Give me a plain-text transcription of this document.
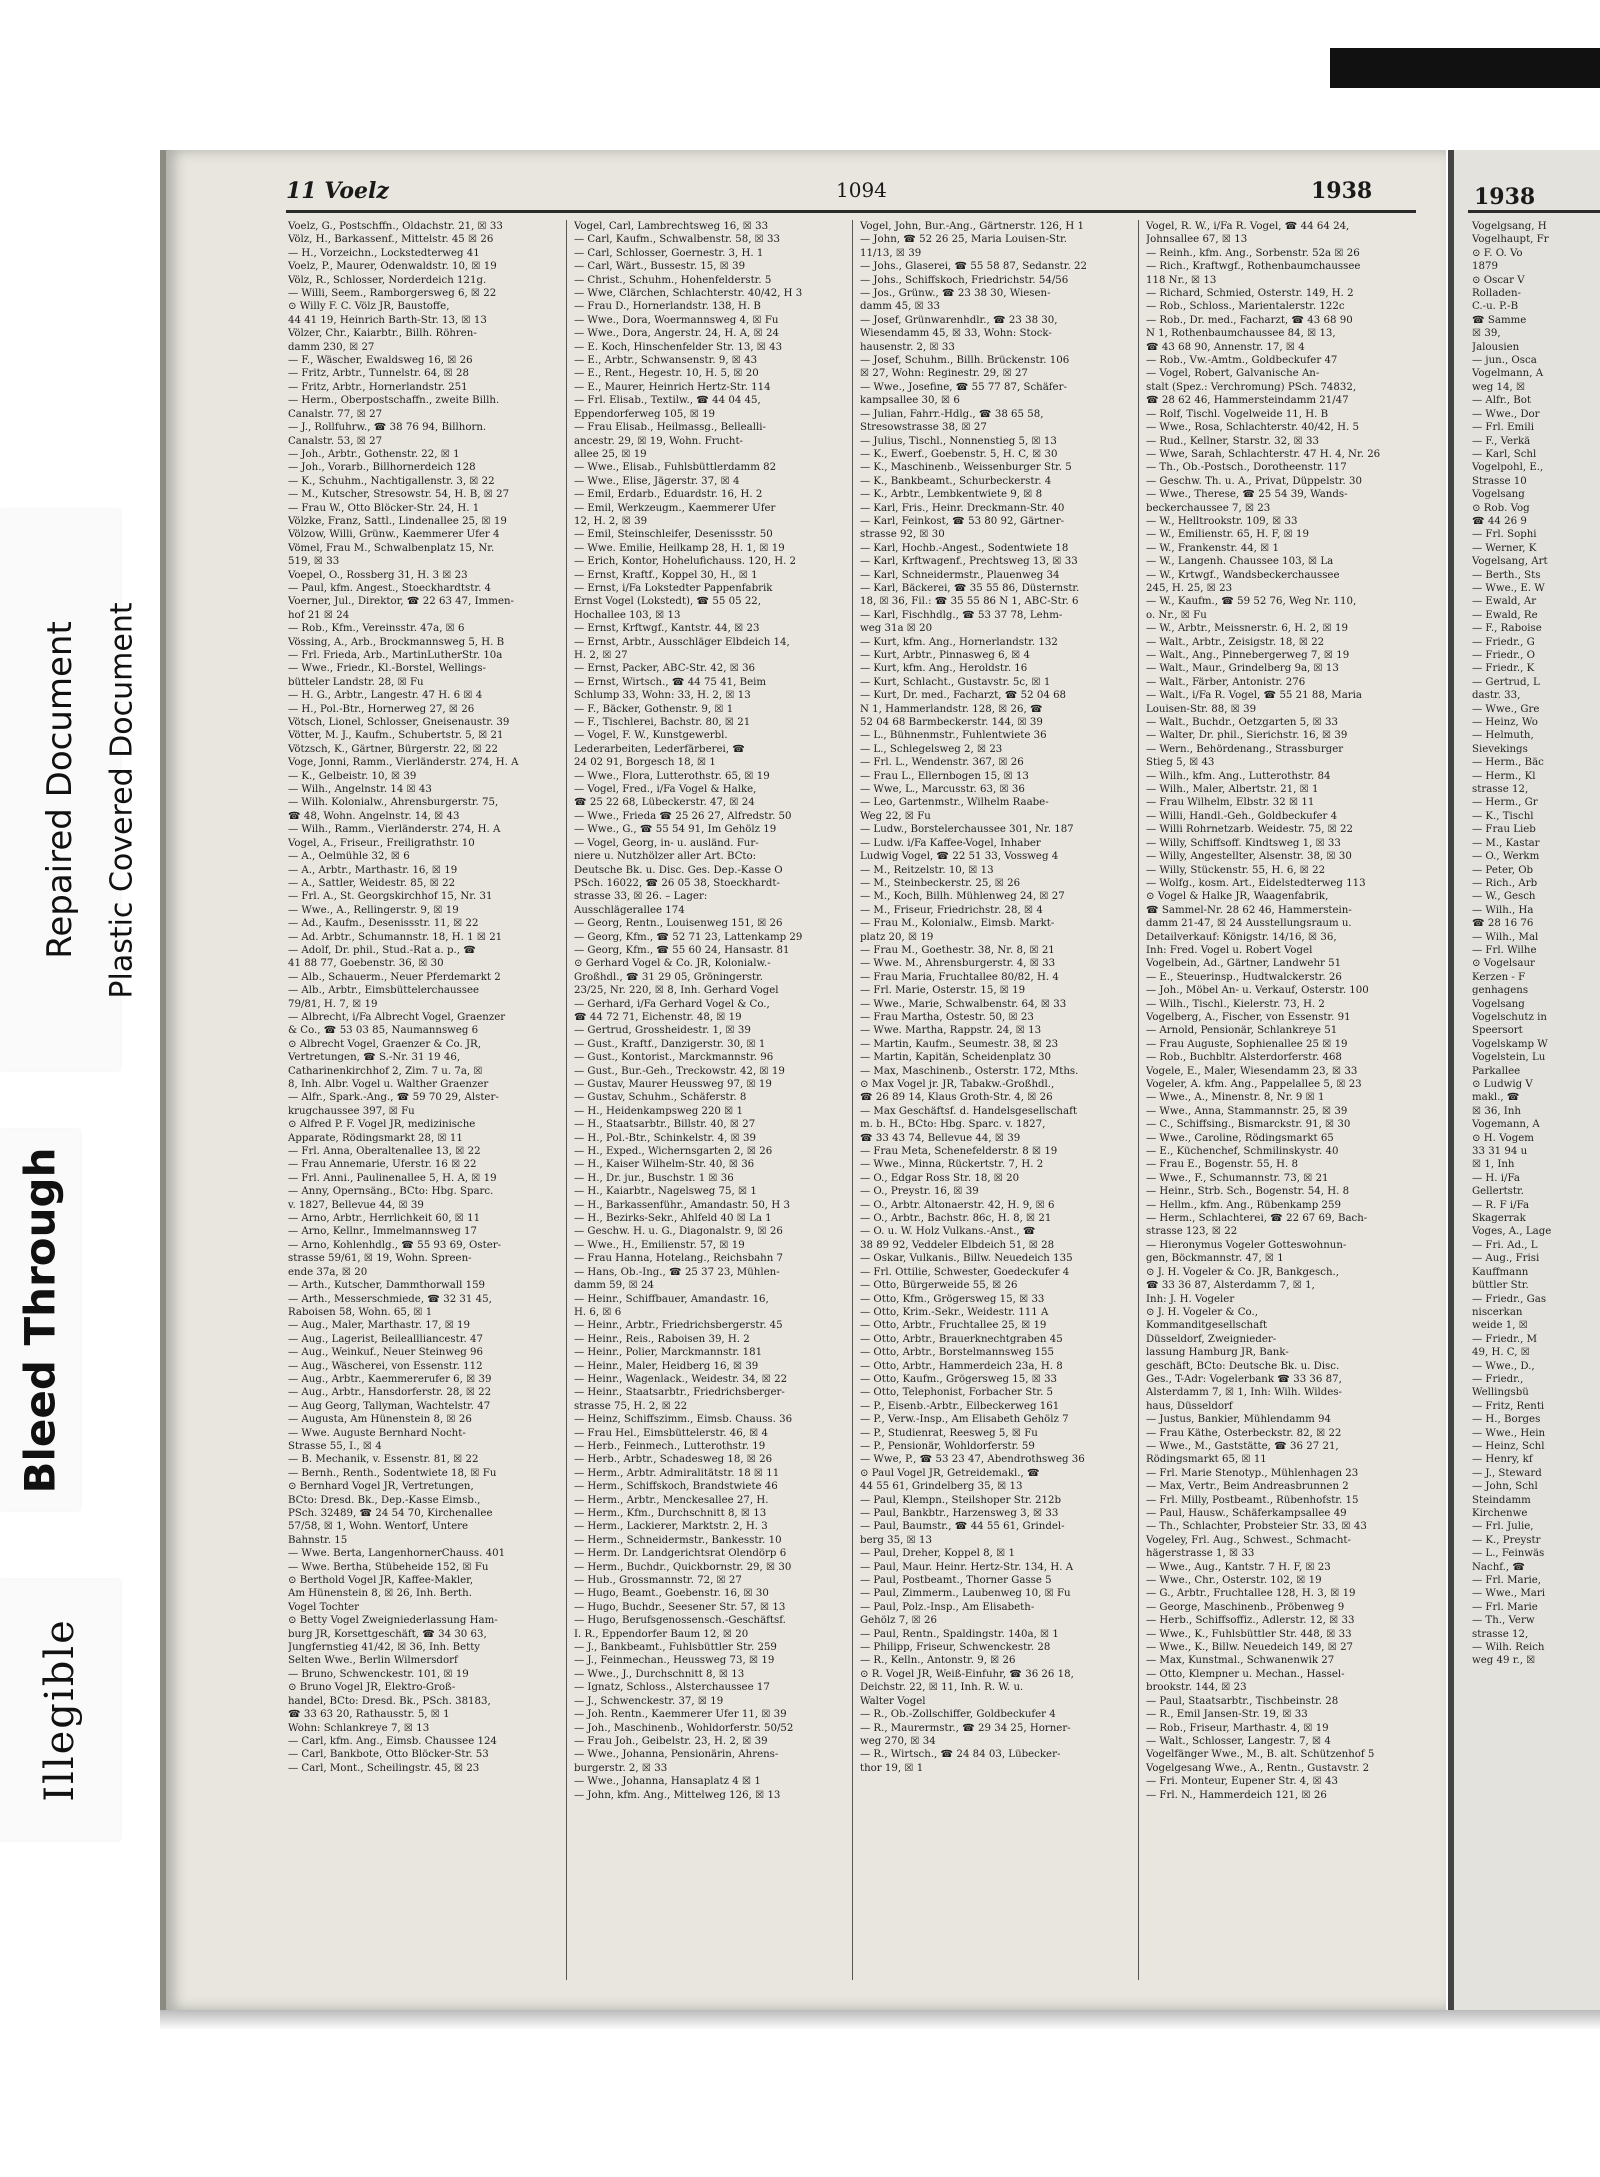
Repaired Document Plastic Covered Document
Bleed Through
Illegible
11 Voelz	1094	1938
Voelz, G., Postschffn., Oldachstr. 21, ☒ 33
Völz, H., Barkassenf., Mittelstr. 45 ☒ 26
— H., Vorzeichn., Lockstedterweg 41
Voelz, P., Maurer, Odenwaldstr. 10, ☒ 19
Völz, R., Schlosser, Norderdeich 121g.
— Willi, Seem., Ramborgersweg 6, ☒ 22
⊙ Willy F. C. Völz JR, Baustoffe,
44 41 19, Heinrich Barth-Str. 13, ☒ 13
Völzer, Chr., Kaiarbtr., Billh. Röhren-
damm 230, ☒ 27
— F., Wäscher, Ewaldsweg 16, ☒ 26
— Fritz, Arbtr., Tunnelstr. 64, ☒ 28
— Fritz, Arbtr., Hornerlandstr. 251
— Herm., Oberpostschaffn., zweite Billh.
Canalstr. 77, ☒ 27
— J., Rollfuhrw., ☎ 38 76 94, Billhorn.
Canalstr. 53, ☒ 27
— Joh., Arbtr., Gothenstr. 22, ☒ 1
— Joh., Vorarb., Billhornerdeich 128
— K., Schuhm., Nachtigallenstr. 3, ☒ 22
— M., Kutscher, Stresowstr. 54, H. B, ☒ 27
— Frau W., Otto Blöcker-Str. 24, H. 1
Völzke, Franz, Sattl., Lindenallee 25, ☒ 19
Völzow, Willi, Grünw., Kaemmerer Ufer 4
Vömel, Frau M., Schwalbenplatz 15, Nr.
519, ☒ 33
Voepel, O., Rossberg 31, H. 3 ☒ 23
— Paul, kfm. Angest., Stoeckhardtstr. 4
Voerner, Jul., Direktor, ☎ 22 63 47, Immen-
hof 21 ☒ 24
— Rob., Kfm., Vereinsstr. 47a, ☒ 6
Vössing, A., Arb., Brockmannsweg 5, H. B
— Frl. Frieda, Arb., MartinLutherStr. 10a
— Wwe., Friedr., Kl.-Borstel, Wellings-
bütteler Landstr. 28, ☒ Fu
— H. G., Arbtr., Langestr. 47 H. 6 ☒ 4
— H., Pol.-Btr., Hornerweg 27, ☒ 26
Vötsch, Lionel, Schlosser, Gneisenaustr. 39
Vötter, M. J., Kaufm., Schubertstr. 5, ☒ 21
Vötzsch, K., Gärtner, Bürgerstr. 22, ☒ 22
Voge, Jonni, Ramm., Vierländerstr. 274, H. A
— K., Gelbeistr. 10, ☒ 39
— Wilh., Angelnstr. 14 ☒ 43
— Wilh. Kolonialw., Ahrensburgerstr. 75,
☎ 48, Wohn. Angelnstr. 14, ☒ 43
— Wilh., Ramm., Vierländerstr. 274, H. A
Vogel, A., Friseur., Freiligrathstr. 10
— A., Oelmühle 32, ☒ 6
— A., Arbtr., Marthastr. 16, ☒ 19
— A., Sattler, Weidestr. 85, ☒ 22
— Frl. A., St. Georgskirchhof 15, Nr. 31
— Wwe., A., Rellingerstr. 9, ☒ 19
— Ad., Kaufm., Desenissstr. 11, ☒ 22
— Ad. Arbtr., Schumannstr. 18, H. 1 ☒ 21
— Adolf, Dr. phil., Stud.-Rat a. p., ☎
41 88 77, Goebenstr. 36, ☒ 30
— Alb., Schauerm., Neuer Pferdemarkt 2
— Alb., Arbtr., Eimsbüttelerchaussee
79/81, H. 7, ☒ 19
— Albrecht, i/Fa Albrecht Vogel, Graenzer
& Co., ☎ 53 03 85, Naumannsweg 6
⊙ Albrecht Vogel, Graenzer & Co. JR,
Vertretungen, ☎ S.-Nr. 31 19 46,
Catharinenkirchhof 2, Zim. 7 u. 7a, ☒
8, Inh. Albr. Vogel u. Walther Graenzer
— Alfr., Spark.-Ang., ☎ 59 70 29, Alster-
krugchaussee 397, ☒ Fu
⊙ Alfred P. F. Vogel JR, medizinische
Apparate, Rödingsmarkt 28, ☒ 11
— Frl. Anna, Oberaltenallee 13, ☒ 22
— Frau Annemarie, Uferstr. 16 ☒ 22
— Frl. Anni., Paulinenallee 5, H. A, ☒ 19
— Anny, Opernsäng., BCto: Hbg. Sparc.
v. 1827, Bellevue 44, ☒ 39
— Arno, Arbtr., Herrlichkeit 60, ☒ 11
— Arno, Kellnr., Immelmannsweg 17
— Arno, Kohlenhdlg., ☎ 55 93 69, Oster-
strasse 59/61, ☒ 19, Wohn. Spreen-
ende 37a, ☒ 20
— Arth., Kutscher, Dammthorwall 159
— Arth., Messerschmiede, ☎ 32 31 45,
Raboisen 58, Wohn. 65, ☒ 1
— Aug., Maler, Marthastr. 17, ☒ 19
— Aug., Lagerist, Beileallliancestr. 47
— Aug., Weinkuf., Neuer Steinweg 96
— Aug., Wäscherei, von Essenstr. 112
— Aug., Arbtr., Kaemmererufer 6, ☒ 39
— Aug., Arbtr., Hansdorferstr. 28, ☒ 22
— Aug Georg, Tallyman, Wachtelstr. 47
— Augusta, Am Hünenstein 8, ☒ 26
— Wwe. Auguste Bernhard Nocht-
Strasse 55, I., ☒ 4
— B. Mechanik, v. Essenstr. 81, ☒ 22
— Bernh., Renth., Sodentwiete 18, ☒ Fu
⊙ Bernhard Vogel JR, Vertretungen,
BCto: Dresd. Bk., Dep.-Kasse Eimsb.,
PSch. 32489, ☎ 24 54 70, Kirchenallee
57/58, ☒ 1, Wohn. Wentorf, Untere
Bahnstr. 15
— Wwe. Berta, LangenhornerChauss. 401
— Wwe. Bertha, Stübeheide 152, ☒ Fu
⊙ Berthold Vogel JR, Kaffee-Makler,
Am Hünenstein 8, ☒ 26, Inh. Berth.
Vogel Tochter
⊙ Betty Vogel Zweigniederlassung Ham-
burg JR, Korsettgeschäft, ☎ 34 30 63,
Jungfernstieg 41/42, ☒ 36, Inh. Betty
Selten Wwe., Berlin Wilmersdorf
— Bruno, Schwenckestr. 101, ☒ 19
⊙ Bruno Vogel JR, Elektro-Groß-
handel, BCto: Dresd. Bk., PSch. 38183,
☎ 33 63 20, Rathausstr. 5, ☒ 1
Wohn: Schlankreye 7, ☒ 13
— Carl, kfm. Ang., Eimsb. Chaussee 124
— Carl, Bankbote, Otto Blöcker-Str. 53
— Carl, Mont., Scheilingstr. 45, ☒ 23
Vogel, Carl, Lambrechtsweg 16, ☒ 33
— Carl, Kaufm., Schwalbenstr. 58, ☒ 33
— Carl, Schlosser, Goernestr. 3, H. 1
— Carl, Wärt., Bussestr. 15, ☒ 39
— Christ., Schuhm., Hohenfelderstr. 5
— Wwe, Clärchen, Schlachterstr. 40/42, H 3
— Frau D., Hornerlandstr. 138, H. B
— Wwe., Dora, Woermannsweg 4, ☒ Fu
— Wwe., Dora, Angerstr. 24, H. A, ☒ 24
— E. Koch, Hinschenfelder Str. 13, ☒ 43
— E., Arbtr., Schwansenstr. 9, ☒ 43
— E., Rent., Hegestr. 10, H. 5, ☒ 20
— E., Maurer, Heinrich Hertz-Str. 114
— Frl. Elisab., Textilw., ☎ 44 04 45,
Eppendorferweg 105, ☒ 19
— Frau Elisab., Heilmassg., Bellealli-
ancestr. 29, ☒ 19, Wohn. Frucht-
allee 25, ☒ 19
— Wwe., Elisab., Fuhlsbüttlerdamm 82
— Wwe., Elise, Jägerstr. 37, ☒ 4
— Emil, Erdarb., Eduardstr. 16, H. 2
— Emil, Werkzeugm., Kaemmerer Ufer
12, H. 2, ☒ 39
— Emil, Steinschleifer, Desenissstr. 50
— Wwe. Emilie, Heilkamp 28, H. 1, ☒ 19
— Erich, Kontor, Hohelufichauss. 120, H. 2
— Ernst, Kraftf., Koppel 30, H., ☒ 1
— Ernst, i/Fa Lokstedter Pappenfabrik
Ernst Vogel (Lokstedt), ☎ 55 05 22,
Hochallee 103, ☒ 13
— Ernst, Krftwgf., Kantstr. 44, ☒ 23
— Ernst, Arbtr., Ausschläger Elbdeich 14,
H. 2, ☒ 27
— Ernst, Packer, ABC-Str. 42, ☒ 36
— Ernst, Wirtsch., ☎ 44 75 41, Beim
Schlump 33, Wohn: 33, H. 2, ☒ 13
— F., Bäcker, Gothenstr. 9, ☒ 1
— F., Tischlerei, Bachstr. 80, ☒ 21
— Vogel, F. W., Kunstgewerbl.
Lederarbeiten, Lederfärberei, ☎
24 02 91, Borgesch 18, ☒ 1
— Wwe., Flora, Lutterothstr. 65, ☒ 19
— Vogel, Fred., i/Fa Vogel & Halke,
☎ 25 22 68, Lübeckerstr. 47, ☒ 24
— Wwe., Frieda ☎ 25 26 27, Alfredstr. 50
— Wwe., G., ☎ 55 54 91, Im Gehölz 19
— Vogel, Georg, in- u. ausländ. Fur-
niere u. Nutzhölzer aller Art. BCto:
Deutsche Bk. u. Disc. Ges. Dep.-Kasse O
PSch. 16022, ☎ 26 05 38, Stoeckhardt-
strasse 33, ☒ 26. – Lager:
Ausschlägerallee 174
— Georg, Rentn., Louisenweg 151, ☒ 26
— Georg, Kfm., ☎ 52 71 23, Lattenkamp 29
— Georg, Kfm., ☎ 55 60 24, Hansastr. 81
⊙ Gerhard Vogel & Co. JR, Kolonialw.-
Großhdl., ☎ 31 29 05, Gröningerstr.
23/25, Nr. 220, ☒ 8, Inh. Gerhard Vogel
— Gerhard, i/Fa Gerhard Vogel & Co.,
☎ 44 72 71, Eichenstr. 48, ☒ 19
— Gertrud, Grossheidestr. 1, ☒ 39
— Gust., Kraftf., Danzigerstr. 30, ☒ 1
— Gust., Kontorist., Marckmannstr. 96
— Gust., Bur.-Geh., Treckowstr. 42, ☒ 19
— Gustav, Maurer Heussweg 97, ☒ 19
— Gustav, Schuhm., Schäferstr. 8
— H., Heidenkampsweg 220 ☒ 1
— H., Staatsarbtr., Billstr. 40, ☒ 27
— H., Pol.-Btr., Schinkelstr. 4, ☒ 39
— H., Exped., Wichernsgarten 2, ☒ 26
— H., Kaiser Wilhelm-Str. 40, ☒ 36
— H., Dr. jur., Buschstr. 1 ☒ 36
— H., Kaiarbtr., Nagelsweg 75, ☒ 1
— H., Barkassenführ., Amandastr. 50, H 3
— H., Bezirks-Sekr., Ahlfeld 40 ☒ La 1
— Geschw. H. u. G., Diagonalstr. 9, ☒ 26
— Wwe., H., Emilienstr. 57, ☒ 19
— Frau Hanna, Hotelang., Reichsbahn 7
— Hans, Ob.-Ing., ☎ 25 37 23, Mühlen-
damm 59, ☒ 24
— Heinr., Schiffbauer, Amandastr. 16,
H. 6, ☒ 6
— Heinr., Arbtr., Friedrichsbergerstr. 45
— Heinr., Reis., Raboisen 39, H. 2
— Heinr., Polier, Marckmannstr. 181
— Heinr., Maler, Heidberg 16, ☒ 39
— Heinr., Wagenlack., Weidestr. 34, ☒ 22
— Heinr., Staatsarbtr., Friedrichsberger-
strasse 75, H. 2, ☒ 22
— Heinz, Schiffszimm., Eimsb. Chauss. 36
— Frau Hel., Eimsbüttelerstr. 46, ☒ 4
— Herb., Feinmech., Lutterothstr. 19
— Herb., Arbtr., Schadesweg 18, ☒ 26
— Herm., Arbtr. Admiralitätstr. 18 ☒ 11
— Herm., Schiffskoch, Brandstwiete 46
— Herm., Arbtr., Menckesallee 27, H.
— Herm., Kfm., Durchschnitt 8, ☒ 13
— Herm., Lackierer, Marktstr. 2, H. 3
— Herm., Schneidermstr., Bankesstr. 10
— Herm. Dr. Landgerichtsrat Olendörp 6
— Herm., Buchdr., Quickbornstr. 29, ☒ 30
— Hub., Grossmannstr. 72, ☒ 27
— Hugo, Beamt., Goebenstr. 16, ☒ 30
— Hugo, Buchdr., Seesener Str. 57, ☒ 13
— Hugo, Berufsgenossensch.-Geschäftsf.
I. R., Eppendorfer Baum 12, ☒ 20
— J., Bankbeamt., Fuhlsbüttler Str. 259
— J., Feinmechan., Heussweg 73, ☒ 19
— Wwe., J., Durchschnitt 8, ☒ 13
— Ignatz, Schloss., Alsterchaussee 17
— J., Schwenckestr. 37, ☒ 19
— Joh. Rentn., Kaemmerer Ufer 11, ☒ 39
— Joh., Maschinenb., Wohldorferstr. 50/52
— Frau Joh., Geibelstr. 23, H. 2, ☒ 39
— Wwe., Johanna, Pensionärin, Ahrens-
burgerstr. 2, ☒ 33
— Wwe., Johanna, Hansaplatz 4 ☒ 1
— John, kfm. Ang., Mittelweg 126, ☒ 13
Vogel, John, Bur.-Ang., Gärtnerstr. 126, H 1
— John, ☎ 52 26 25, Maria Louisen-Str.
11/13, ☒ 39
— Johs., Glaserei, ☎ 55 58 87, Sedanstr. 22
— Johs., Schiffskoch, Friedrichstr. 54/56
— Jos., Grünw., ☎ 23 38 30, Wiesen-
damm 45, ☒ 33
— Josef, Grünwarenhdlr., ☎ 23 38 30,
Wiesendamm 45, ☒ 33, Wohn: Stock-
hausenstr. 2, ☒ 33
— Josef, Schuhm., Billh. Brückenstr. 106
☒ 27, Wohn: Reginestr. 29, ☒ 27
— Wwe., Josefine, ☎ 55 77 87, Schäfer-
kampsallee 30, ☒ 6
— Julian, Fahrr.-Hdlg., ☎ 38 65 58,
Stresowstrasse 38, ☒ 27
— Julius, Tischl., Nonnenstieg 5, ☒ 13
— K., Ewerf., Goebenstr. 5, H. C, ☒ 30
— K., Maschinenb., Weissenburger Str. 5
— K., Bankbeamt., Schurbeckerstr. 4
— K., Arbtr., Lembkentwiete 9, ☒ 8
— Karl, Fris., Heinr. Dreckmann-Str. 40
— Karl, Feinkost, ☎ 53 80 92, Gärtner-
strasse 92, ☒ 30
— Karl, Hochb.-Angest., Sodentwiete 18
— Karl, Krftwagenf., Prechtsweg 13, ☒ 33
— Karl, Schneidermstr., Plauenweg 34
— Karl, Bäckerei, ☎ 35 55 86, Düsternstr.
18, ☒ 36, Fil.: ☎ 35 55 86 N 1, ABC-Str. 6
— Karl, Fischhdlg., ☎ 53 37 78, Lehm-
weg 31a ☒ 20
— Kurt, kfm. Ang., Hornerlandstr. 132
— Kurt, Arbtr., Pinnasweg 6, ☒ 4
— Kurt, kfm. Ang., Heroldstr. 16
— Kurt, Schlacht., Gustavstr. 5c, ☒ 1
— Kurt, Dr. med., Facharzt, ☎ 52 04 68
N 1, Hammerlandstr. 128, ☒ 26, ☎
52 04 68 Barmbeckerstr. 144, ☒ 39
— L., Bühnenmstr., Fuhlentwiete 36
— L., Schlegelsweg 2, ☒ 23
— Frl. L., Wendenstr. 367, ☒ 26
— Frau L., Ellernbogen 15, ☒ 13
— Wwe, L., Marcusstr. 63, ☒ 36
— Leo, Gartenmstr., Wilhelm Raabe-
Weg 22, ☒ Fu
— Ludw., Borstelerchaussee 301, Nr. 187
— Ludw. i/Fa Kaffee-Vogel, Inhaber
Ludwig Vogel, ☎ 22 51 33, Vossweg 4
— M., Reitzelstr. 10, ☒ 13
— M., Steinbeckerstr. 25, ☒ 26
— M., Koch, Billh. Mühlenweg 24, ☒ 27
— M., Friseur, Friedrichstr. 28, ☒ 4
— Frau M., Kolonialw., Eimsb. Markt-
platz 20, ☒ 19
— Frau M., Goethestr. 38, Nr. 8, ☒ 21
— Wwe. M., Ahrensburgerstr. 4, ☒ 33
— Frau Maria, Fruchtallee 80/82, H. 4
— Frl. Marie, Osterstr. 15, ☒ 19
— Wwe., Marie, Schwalbenstr. 64, ☒ 33
— Frau Martha, Ostestr. 50, ☒ 23
— Wwe. Martha, Rappstr. 24, ☒ 13
— Martin, Kaufm., Seumestr. 38, ☒ 23
— Martin, Kapitän, Scheidenplatz 30
— Max, Maschinenb., Osterstr. 172, Mths.
⊙ Max Vogel jr. JR, Tabakw.-Großhdl.,
☎ 26 89 14, Klaus Groth-Str. 4, ☒ 26
— Max Geschäftsf. d. Handelsgesellschaft
m. b. H., BCto: Hbg. Sparc. v. 1827,
☎ 33 43 74, Bellevue 44, ☒ 39
— Frau Meta, Schenefelderstr. 8 ☒ 19
— Wwe., Minna, Rückertstr. 7, H. 2
— O., Edgar Ross Str. 18, ☒ 20
— O., Preystr. 16, ☒ 39
— O., Arbtr. Altonaerstr. 42, H. 9, ☒ 6
— O., Arbtr., Bachstr. 86c, H. 8, ☒ 21
— O. u. W. Holz Vulkans.-Anst., ☎
38 89 92, Veddeler Elbdeich 51, ☒ 28
— Oskar, Vulkanis., Billw. Neuedeich 135
— Frl. Ottilie, Schwester, Goedeckufer 4
— Otto, Bürgerweide 55, ☒ 26
— Otto, Kfm., Grögersweg 15, ☒ 33
— Otto, Krim.-Sekr., Weidestr. 111 A
— Otto, Arbtr., Fruchtallee 25, ☒ 19
— Otto, Arbtr., Brauerknechtgraben 45
— Otto, Arbtr., Borstelmannsweg 155
— Otto, Arbtr., Hammerdeich 23a, H. 8
— Otto, Kaufm., Grögersweg 15, ☒ 33
— Otto, Telephonist, Forbacher Str. 5
— P., Eisenb.-Arbtr., Eilbeckerweg 161
— P., Verw.-Insp., Am Elisabeth Gehölz 7
— P., Studienrat, Reesweg 5, ☒ Fu
— P., Pensionär, Wohldorferstr. 59
— Wwe, P., ☎ 53 23 47, Abendrothsweg 36
⊙ Paul Vogel JR, Getreidemakl., ☎
44 55 61, Grindelberg 35, ☒ 13
— Paul, Klempn., Steilshoper Str. 212b
— Paul, Bankbtr., Harzensweg 3, ☒ 33
— Paul, Baumstr., ☎ 44 55 61, Grindel-
berg 35, ☒ 13
— Paul, Dreher, Koppel 8, ☒ 1
— Paul, Maur. Heinr. Hertz-Str. 134, H. A
— Paul, Postbeamt., Thorner Gasse 5
— Paul, Zimmerm., Laubenweg 10, ☒ Fu
— Paul, Polz.-Insp., Am Elisabeth-
Gehölz 7, ☒ 26
— Paul, Rentn., Spaldingstr. 140a, ☒ 1
— Philipp, Friseur, Schwenckestr. 28
— R., Kelln., Antonstr. 9, ☒ 26
⊙ R. Vogel JR, Weiß-Einfuhr, ☎ 36 26 18,
Deichstr. 22, ☒ 11, Inh. R. W. u.
Walter Vogel
— R., Ob.-Zollschiffer, Goldbeckufer 4
— R., Maurermstr., ☎ 29 34 25, Horner-
weg 270, ☒ 34
— R., Wirtsch., ☎ 24 84 03, Lübecker-
thor 19, ☒ 1
Vogel, R. W., i/Fa R. Vogel, ☎ 44 64 24,
Johnsallee 67, ☒ 13
— Reinh., kfm. Ang., Sorbenstr. 52a ☒ 26
— Rich., Kraftwgf., Rothenbaumchaussee
118 Nr., ☒ 13
— Richard, Schmied, Osterstr. 149, H. 2
— Rob., Schloss., Marientalerstr. 122c
— Rob., Dr. med., Facharzt, ☎ 43 68 90
N 1, Rothenbaumchaussee 84, ☒ 13,
☎ 43 68 90, Annenstr. 17, ☒ 4
— Rob., Vw.-Amtm., Goldbeckufer 47
— Vogel, Robert, Galvanische An-
stalt (Spez.: Verchromung) PSch. 74832,
☎ 28 62 46, Hammersteindamm 21/47
— Rolf, Tischl. Vogelweide 11, H. B
— Wwe., Rosa, Schlachterstr. 40/42, H. 5
— Rud., Kellner, Starstr. 32, ☒ 33
— Wwe, Sarah, Schlachterstr. 47 H. 4, Nr. 26
— Th., Ob.-Postsch., Dorotheenstr. 117
— Geschw. Th. u. A., Privat, Düppelstr. 30
— Wwe., Therese, ☎ 25 54 39, Wands-
beckerchaussee 7, ☒ 23
— W., Helltrookstr. 109, ☒ 33
— W., Emilienstr. 65, H. F, ☒ 19
— W., Frankenstr. 44, ☒ 1
— W., Langenh. Chaussee 103, ☒ La
— W., Krtwgf., Wandsbeckerchaussee
245, H. 25, ☒ 23
— W., Kaufm., ☎ 59 52 76, Weg Nr. 110,
o. Nr., ☒ Fu
— W., Arbtr., Meissnerstr. 6, H. 2, ☒ 19
— Walt., Arbtr., Zeisigstr. 18, ☒ 22
— Walt., Ang., Pinnebergerweg 7, ☒ 19
— Walt., Maur., Grindelberg 9a, ☒ 13
— Walt., Färber, Antonistr. 276
— Walt., i/Fa R. Vogel, ☎ 55 21 88, Maria
Louisen-Str. 88, ☒ 39
— Walt., Buchdr., Oetzgarten 5, ☒ 33
— Walter, Dr. phil., Sierichstr. 16, ☒ 39
— Wern., Behördenang., Strassburger
Stieg 5, ☒ 43
— Wilh., kfm. Ang., Lutterothstr. 84
— Wilh., Maler, Albertstr. 21, ☒ 1
— Frau Wilhelm, Elbstr. 32 ☒ 11
— Willi, Handl.-Geh., Goldbeckufer 4
— Willi Rohrnetzarb. Weidestr. 75, ☒ 22
— Willy, Schiffsoff. Kindtsweg 1, ☒ 33
— Willy, Angestellter, Alsenstr. 38, ☒ 30
— Willy, Stückenstr. 55, H. 6, ☒ 22
— Wolfg., kosm. Art., Eidelstedterweg 113
⊙ Vogel & Halke JR, Waagenfabrik,
☎ Sammel-Nr. 28 62 46, Hammerstein-
damm 21-47, ☒ 24 Ausstellungsraum u.
Detailverkauf: Königstr. 14/16, ☒ 36,
Inh: Fred. Vogel u. Robert Vogel
Vogelbein, Ad., Gärtner, Landwehr 51
— E., Steuerinsp., Hudtwalckerstr. 26
— Joh., Möbel An- u. Verkauf, Osterstr. 100
— Wilh., Tischl., Kielerstr. 73, H. 2
Vogelberg, A., Fischer, von Essenstr. 91
— Arnold, Pensionär, Schlankreye 51
— Frau Auguste, Sophienallee 25 ☒ 19
— Rob., Buchbltr. Alsterdorferstr. 468
Vogele, E., Maler, Wiesendamm 23, ☒ 33
Vogeler, A. kfm. Ang., Pappelallee 5, ☒ 23
— Wwe., A., Minenstr. 8, Nr. 9 ☒ 1
— Wwe., Anna, Stammannstr. 25, ☒ 39
— C., Schiffsing., Bismarckstr. 91, ☒ 30
— Wwe., Caroline, Rödingsmarkt 65
— E., Küchenchef, Schmilinskystr. 40
— Frau E., Bogenstr. 55, H. 8
— Wwe., F., Schumannstr. 73, ☒ 21
— Heinr., Strb. Sch., Bogenstr. 54, H. 8
— Hellm., kfm. Ang., Rübenkamp 259
— Herm., Schlachterei, ☎ 22 67 69, Bach-
strasse 123, ☒ 22
— Hieronymus Vogeler Gotteswohnun-
gen, Böckmannstr. 47, ☒ 1
⊙ J. H. Vogeler & Co. JR, Bankgesch.,
☎ 33 36 87, Alsterdamm 7, ☒ 1,
Inh: J. H. Vogeler
⊙ J. H. Vogeler & Co.,
Kommanditgesellschaft
Düsseldorf, Zweignieder-
lassung Hamburg JR, Bank-
geschäft, BCto: Deutsche Bk. u. Disc.
Ges., T-Adr: Vogelerbank ☎ 33 36 87,
Alsterdamm 7, ☒ 1, Inh: Wilh. Wildes-
haus, Düsseldorf
— Justus, Bankier, Mühlendamm 94
— Frau Käthe, Osterbeckstr. 82, ☒ 22
— Wwe., M., Gaststätte, ☎ 36 27 21,
Rödingsmarkt 65, ☒ 11
— Frl. Marie Stenotyp., Mühlenhagen 23
— Max, Vertr., Beim Andreasbrunnen 2
— Frl. Milly, Postbeamt., Rübenhofstr. 15
— Paul, Hausw., Schäferkampsallee 49
— Th., Schlachter, Probsteier Str. 33, ☒ 43
Vogeley, Frl. Aug., Schwest., Schmacht-
hägerstrasse 1, ☒ 33
— Wwe., Aug., Kantstr. 7 H. F, ☒ 23
— Wwe., Chr., Osterstr. 102, ☒ 19
— G., Arbtr., Fruchtallee 128, H. 3, ☒ 19
— George, Maschinenb., Pröbenweg 9
— Herb., Schiffsoffiz., Adlerstr. 12, ☒ 33
— Wwe., K., Fuhlsbüttler Str. 448, ☒ 33
— Wwe., K., Billw. Neuedeich 149, ☒ 27
— Max, Kunstmal., Schwanenwik 27
— Otto, Klempner u. Mechan., Hassel-
brookstr. 144, ☒ 23
— Paul, Staatsarbtr., Tischbeinstr. 28
— R., Emil Jansen-Str. 19, ☒ 33
— Rob., Friseur, Marthastr. 4, ☒ 19
— Walt., Schlosser, Langestr. 7, ☒ 4
Vogelfänger Wwe., M., B. alt. Schützenhof 5
Vogelgesang Wwe., A., Rentn., Gustavstr. 2
— Fri. Monteur, Eupener Str. 4, ☒ 43
— Frl. N., Hammerdeich 121, ☒ 26
1938
Vogelgsang, H
Vogelhaupt, Fr
⊙ F. O. Vo
1879
⊙ Oscar V
Rolladen-
C.-u. P.-B
☎ Samme
☒ 39,
Jalousien
— jun., Osca
Vogelmann, A
weg 14, ☒
— Alfr., Bot
— Wwe., Dor
— Frl. Emili
— F., Verkä
— Karl, Schl
Vogelpohl, E.,
Strasse 10
Vogelsang
⊙ Rob. Vog
☎ 44 26 9
— Frl. Sophi
— Werner, K
Vogelsang, Art
— Berth., Sts
— Wwe., E. W
— Ewald, Ar
— Ewald, Re
— F., Raboise
— Friedr., G
— Friedr., O
— Friedr., K
— Gertrud, L
dastr. 33,
— Wwe., Gre
— Heinz, Wo
— Helmuth,
Sievekings
— Herm., Bäc
— Herm., Kl
strasse 12,
— Herm., Gr
— K., Tischl
— Frau Lieb
— M., Kastar
— O., Werkm
— Peter, Ob
— Rich., Arb
— W., Gesch
— Wilh., Ha
☎ 28 16 76
— Wilh., Mal
— Frl. Wilhe
⊙ Vogelsaur
Kerzen - F
genhagens
Vogelsang
Vogelschutz in
Speersort
Vogelskamp W
Vogelstein, Lu
Parkallee
⊙ Ludwig V
makl., ☎
☒ 36, Inh
Vogemann, A
⊙ H. Vogem
33 31 94 u
☒ 1, Inh
— H. i/Fa
Gellertstr.
— R. F i/Fa
Skagerrak
Voges, A., Lage
— Fri. Ad., L
— Aug., Frisi
Kauffmann
büttler Str.
— Friedr., Gas
niscerkan
weide 1, ☒
— Friedr., M
49, H. C, ☒
— Wwe., D.,
— Friedr.,
Wellingsbü
— Fritz, Renti
— H., Borges
— Wwe., Hein
— Heinz, Schl
— Henry, kf
— J., Steward
— John, Schl
Steindamm
Kirchenwe
— Frl. Julie,
— K., Preystr
— L., Feinwäs
Nachf., ☎
— Frl. Marie,
— Wwe., Mari
— Frl. Marie
— Th., Verw
strasse 12,
— Wilh. Reich
weg 49 r., ☒
